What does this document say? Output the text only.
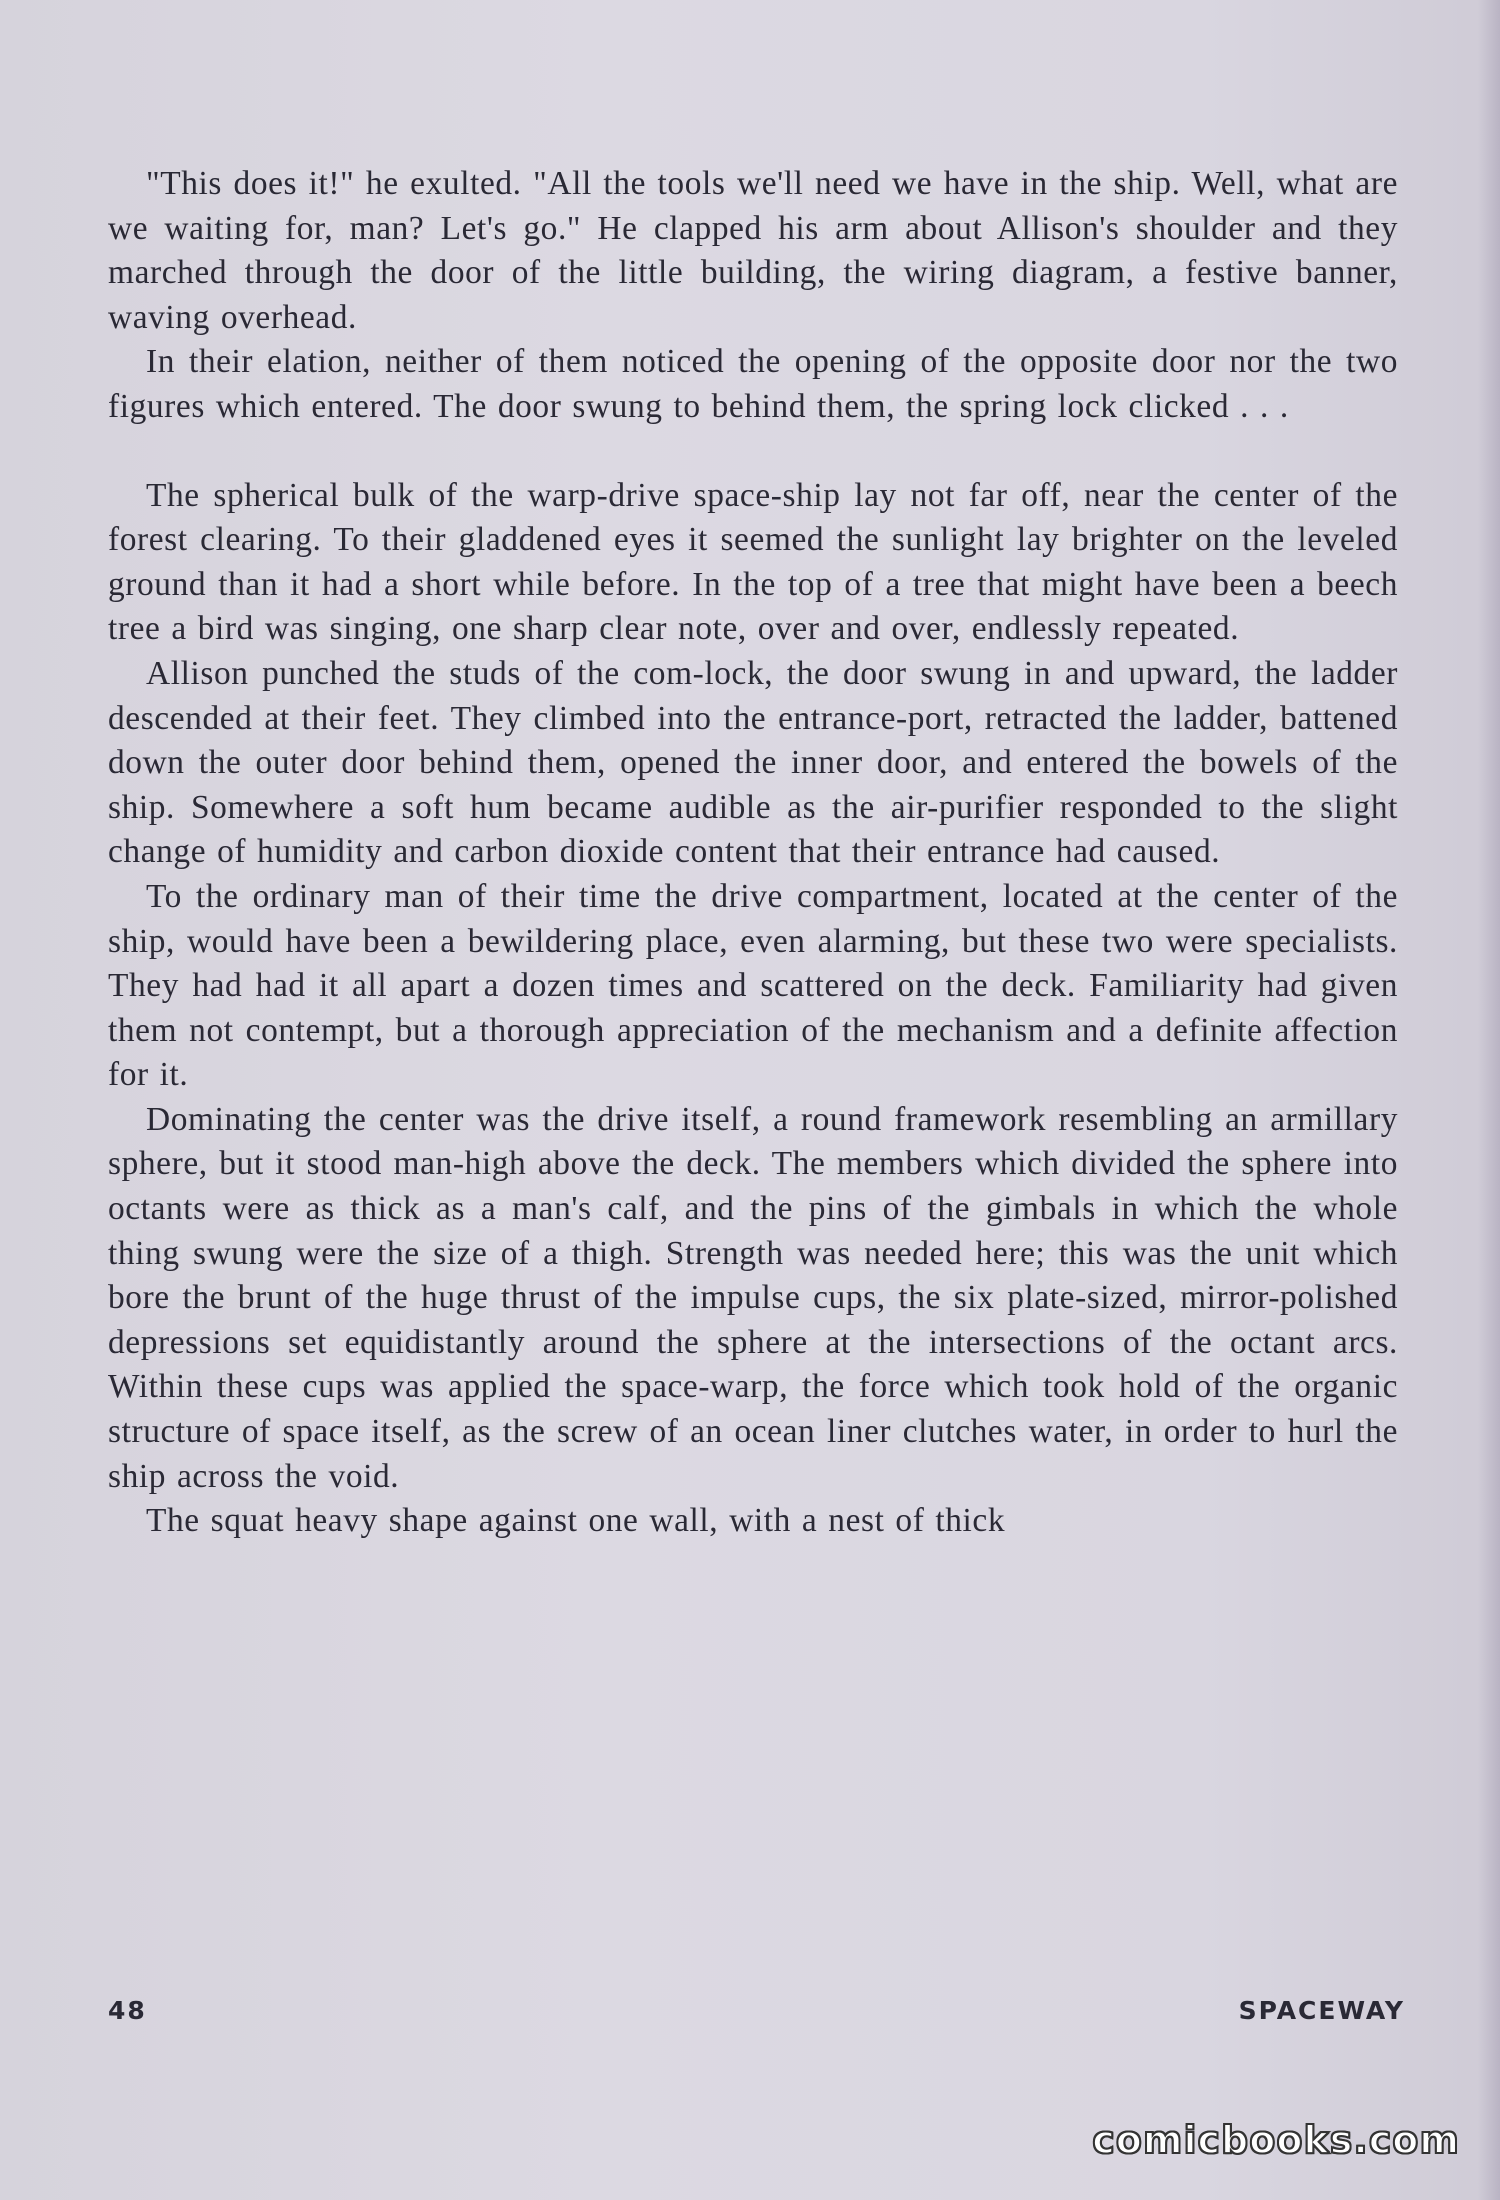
"This does it!" he exulted. "All the tools we'll need we have in the ship. Well, what are we waiting for, man? Let's go." He clapped his arm about Allison's shoulder and they marched through the door of the little building, the wiring diagram, a festive banner, waving overhead.

In their elation, neither of them noticed the opening of the opposite door nor the two figures which entered. The door swung to behind them, the spring lock clicked . . .

The spherical bulk of the warp-drive space-ship lay not far off, near the center of the forest clearing. To their gladdened eyes it seemed the sunlight lay brighter on the leveled ground than it had a short while before. In the top of a tree that might have been a beech tree a bird was singing, one sharp clear note, over and over, endlessly repeated.

Allison punched the studs of the com-lock, the door swung in and upward, the ladder descended at their feet. They climbed into the entrance-port, retracted the ladder, battened down the outer door behind them, opened the inner door, and entered the bowels of the ship. Somewhere a soft hum became audible as the air-purifier responded to the slight change of humidity and carbon dioxide content that their entrance had caused.

To the ordinary man of their time the drive compartment, located at the center of the ship, would have been a bewildering place, even alarming, but these two were specialists. They had had it all apart a dozen times and scattered on the deck. Familiarity had given them not contempt, but a thorough appreciation of the mechanism and a definite affection for it.

Dominating the center was the drive itself, a round framework resembling an armillary sphere, but it stood man-high above the deck. The members which divided the sphere into octants were as thick as a man's calf, and the pins of the gimbals in which the whole thing swung were the size of a thigh. Strength was needed here; this was the unit which bore the brunt of the huge thrust of the impulse cups, the six plate-sized, mirror-polished depressions set equidistantly around the sphere at the intersections of the octant arcs. Within these cups was applied the space-warp, the force which took hold of the organic structure of space itself, as the screw of an ocean liner clutches water, in order to hurl the ship across the void.

The squat heavy shape against one wall, with a nest of thick

48	SPACEWAY
comicbooks.com
